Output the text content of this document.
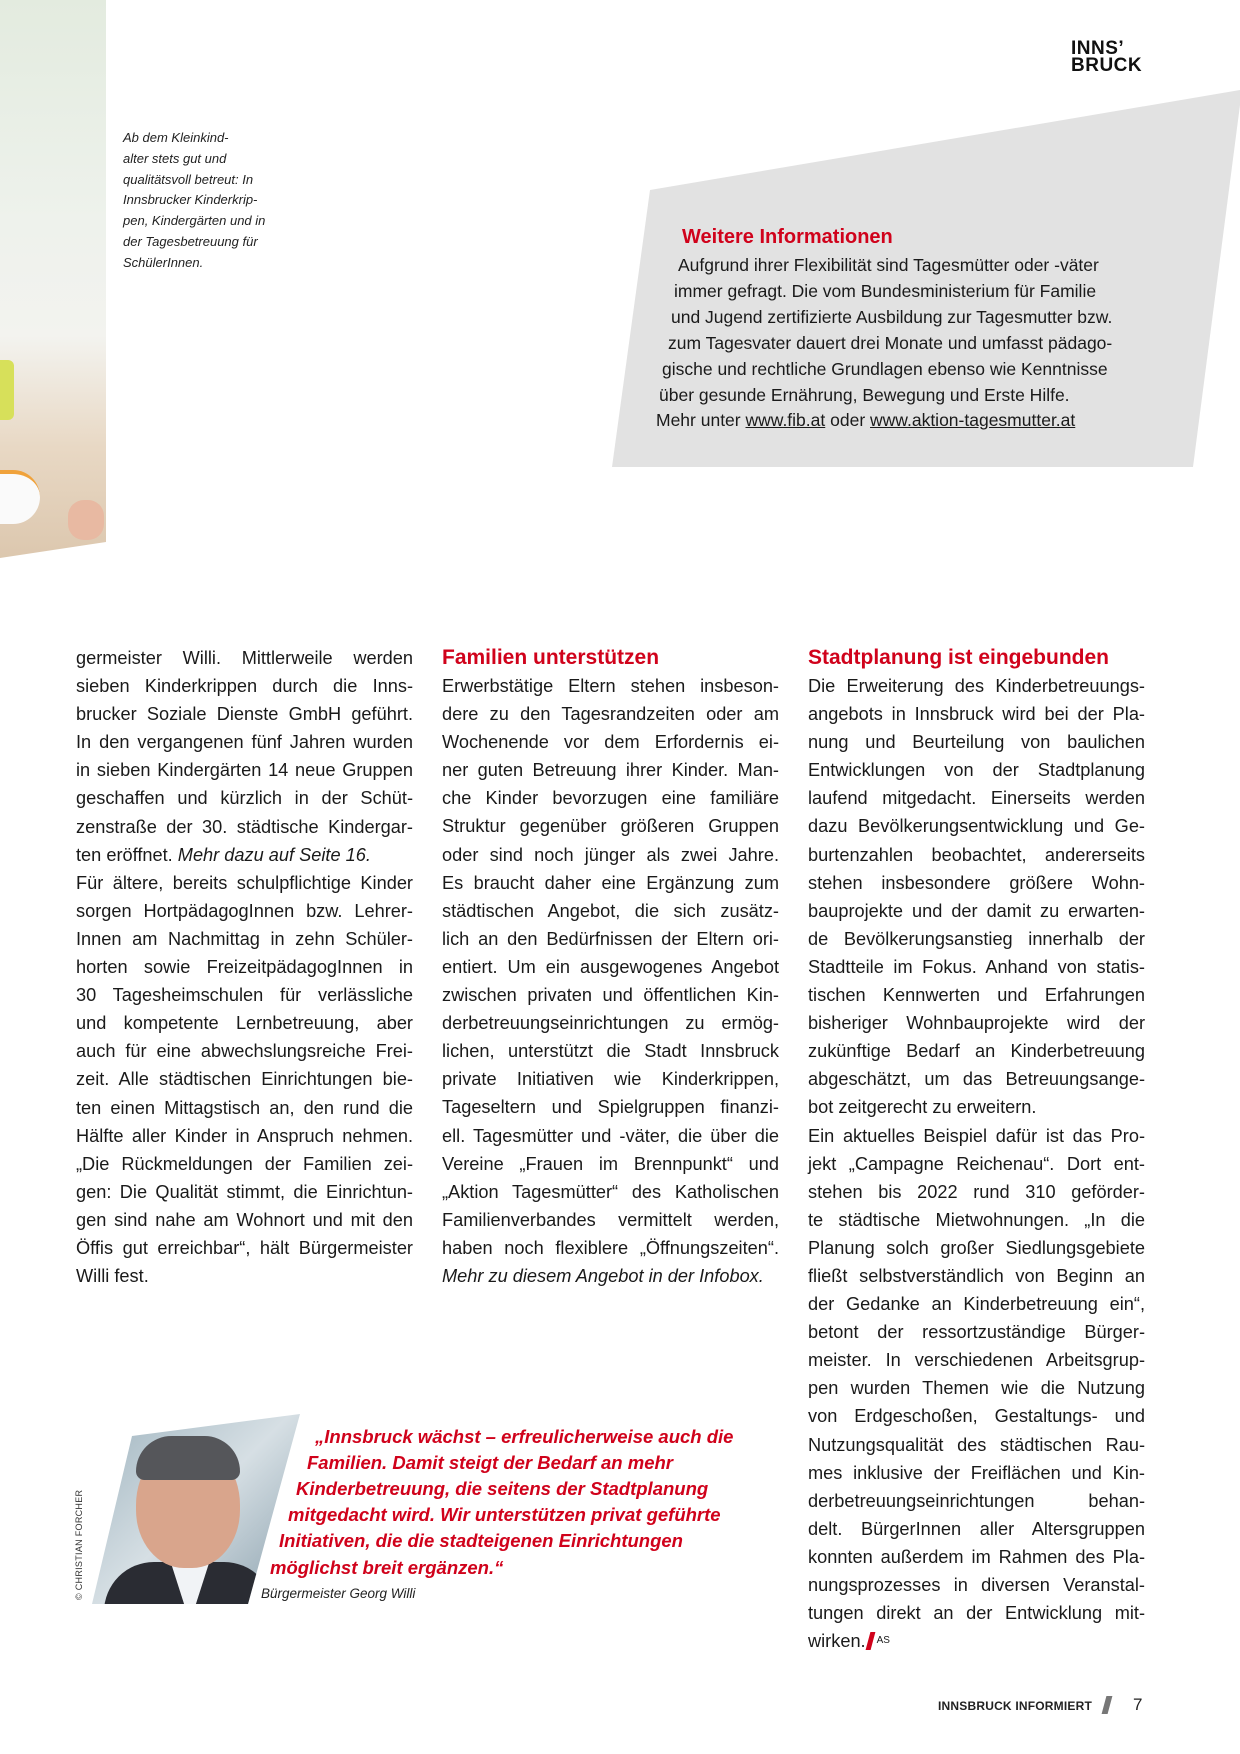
Ab dem Kleinkind-
alter stets gut und
qualitätsvoll betreut: In
Innsbrucker Kinderkrip-
pen, Kindergärten und in
der Tagesbetreuung für
SchülerInnen.
INNS’
BRUCK
Weitere Informationen
Aufgrund ihrer Flexibilität sind Tagesmütter oder -väter
immer gefragt. Die vom Bundesministerium für Familie
und Jugend zertifizierte Ausbildung zur Tagesmutter bzw.
zum Tagesvater dauert drei Monate und umfasst pädago-
gische und rechtliche Grundlagen ebenso wie Kenntnisse
über gesunde Ernährung, Bewegung und Erste Hilfe.
Mehr unter www.fib.at oder www.aktion-tagesmutter.at
germeister Willi. Mittlerweile werden
sieben Kinderkrippen durch die Inns-
brucker Soziale Dienste GmbH geführt.
In den vergangenen fünf Jahren wurden
in sieben Kindergärten 14 neue Gruppen
geschaffen und kürzlich in der Schüt-
zenstraße der 30. städtische Kindergar-
ten eröffnet. Mehr dazu auf Seite 16.
Für ältere, bereits schulpflichtige Kinder
sorgen HortpädagogInnen bzw. Lehrer-
Innen am Nachmittag in zehn Schüler-
horten sowie FreizeitpädagogInnen in
30 Tagesheimschulen für verlässliche
und kompetente Lernbetreuung, aber
auch für eine abwechslungsreiche Frei-
zeit. Alle städtischen Einrichtungen bie-
ten einen Mittagstisch an, den rund die
Hälfte aller Kinder in Anspruch nehmen.
„Die Rückmeldungen der Familien zei-
gen: Die Qualität stimmt, die Einrichtun-
gen sind nahe am Wohnort und mit den
Öffis gut erreichbar“, hält Bürgermeister
Willi fest.
Familien unterstützen
Erwerbstätige Eltern stehen insbeson-
dere zu den Tagesrandzeiten oder am
Wochenende vor dem Erfordernis ei-
ner guten Betreuung ihrer Kinder. Man-
che Kinder bevorzugen eine familiäre
Struktur gegenüber größeren Gruppen
oder sind noch jünger als zwei Jahre.
Es braucht daher eine Ergänzung zum
städtischen Angebot, die sich zusätz-
lich an den Bedürfnissen der Eltern ori-
entiert. Um ein ausgewogenes Angebot
zwischen privaten und öffentlichen Kin-
derbetreuungseinrichtungen zu ermög-
lichen, unterstützt die Stadt Innsbruck
private Initiativen wie Kinderkrippen,
Tageseltern und Spielgruppen finanzi-
ell. Tagesmütter und -väter, die über die
Vereine „Frauen im Brennpunkt“ und
„Aktion Tagesmütter“ des Katholischen
Familienverbandes vermittelt werden,
haben noch flexiblere „Öffnungszeiten“.
Mehr zu diesem Angebot in der Infobox.
Stadtplanung ist eingebunden
Die Erweiterung des Kinderbetreuungs-
angebots in Innsbruck wird bei der Pla-
nung und Beurteilung von baulichen
Entwicklungen von der Stadtplanung
laufend mitgedacht. Einerseits werden
dazu Bevölkerungsentwicklung und Ge-
burtenzahlen beobachtet, andererseits
stehen insbesondere größere Wohn-
bauprojekte und der damit zu erwarten-
de Bevölkerungsanstieg innerhalb der
Stadtteile im Fokus. Anhand von statis-
tischen Kennwerten und Erfahrungen
bisheriger Wohnbauprojekte wird der
zukünftige Bedarf an Kinderbetreuung
abgeschätzt, um das Betreuungsange-
bot zeitgerecht zu erweitern.
Ein aktuelles Beispiel dafür ist das Pro-
jekt „Campagne Reichenau“. Dort ent-
stehen bis 2022 rund 310 geförder-
te städtische Mietwohnungen. „In die
Planung solch großer Siedlungsgebiete
fließt selbstverständlich von Beginn an
der Gedanke an Kinderbetreuung ein“,
betont der ressortzuständige Bürger-
meister. In verschiedenen Arbeitsgrup-
pen wurden Themen wie die Nutzung
von Erdgeschoßen, Gestaltungs- und
Nutzungsqualität des städtischen Rau-
mes inklusive der Freiflächen und Kin-
derbetreuungseinrichtungen behan-
delt. BürgerInnen aller Altersgruppen
konnten außerdem im Rahmen des Pla-
nungsprozesses in diversen Veranstal-
tungen direkt an der Entwicklung mit-
wirken. $^{AS}$
© CHRISTIAN FORCHER
„Innsbruck wächst – erfreulicherweise auch die
Familien. Damit steigt der Bedarf an mehr
Kinderbetreuung, die seitens der Stadtplanung
mitgedacht wird. Wir unterstützen privat geführte
Initiativen, die die stadteigenen Einrichtungen
möglichst breit ergänzen.“
Bürgermeister Georg Willi
INNSBRUCK INFORMIERT 7
